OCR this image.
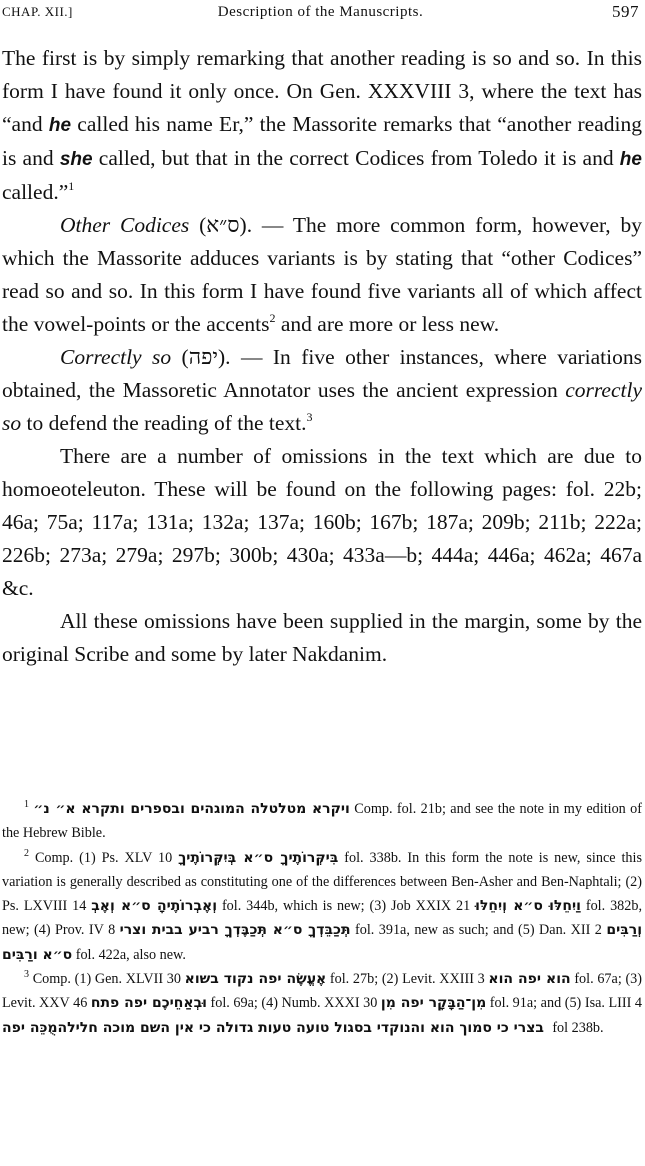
CHAP. XII.]	Description of the Manuscripts.	597

The first is by simply remarking that another reading is so and so. In this form I have found it only once. On Gen. XXXVIII 3, where the text has “and he called his name Er,” the Massorite remarks that “another reading is and she called, but that in the correct Codices from Toledo it is and he called.”$^1$

Other Codices (ס״א). — The more common form, however, by which the Massorite adduces variants is by stating that “other Codices” read so and so. In this form I have found five variants all of which affect the vowel-points or the accents$^2$ and are more or less new.

Correctly so (יפה). — In five other instances, where variations obtained, the Massoretic Annotator uses the ancient expression correctly so to defend the reading of the text.$^3$

There are a number of omissions in the text which are due to homoeoteleuton. These will be found on the following pages: fol. 22b; 46a; 75a; 117a; 131a; 132a; 137a; 160b; 167b; 187a; 209b; 211b; 222a; 226b; 273a; 279a; 297b; 300b; 430a; 433a—b; 444a; 446a; 462a; 467a &c.

All these omissions have been supplied in the margin, some by the original Scribe and some by later Nakdanim.

$^1$ ויקרא מטלטלה המוגהים ובספרים ותקרא א״ נ״ Comp. fol. 21b; and see the note in my edition of the Hebrew Bible.

$^2$ Comp. (1) Ps. XLV 10 בִּיקְּרוֹתֶיךָ ס״א בְּיִקְּרוֹתֶיךָ fol. 338b. In this form the note is new, since this variation is generally described as constituting one of the differences between Ben-Asher and Ben-Naphtali; (2) Ps. LXVIII 14 וְאֶבְרוֹתֶיהָ ס״א וְאֶבְ fol. 344b, which is new; (3) Job XXIX 21 וַיִחֵלּוּ ס״א וְיִחֵלּוּ fol. 382b, new; (4) Prov. IV 8 תְּכַבֵּדְךָ ס״א תְּכַבֶּדְךָ רביע בבית וצרי fol. 391a, new as such; and (5) Dan. XII 2 וְרַבִּים ס״א ורַבִּים fol. 422a, also new.

$^3$ Comp. (1) Gen. XLVII 30 אֶעֱשֶׂה יפה נקוד בשוא fol. 27b; (2) Levit. XXIII 3 הוא יפה הוא fol. 67a; (3) Levit. XXV 46 וּבְאַחֵיכֶם יפה פתח fol. 69a; (4) Numb. XXXI 30 מִן־הַבָּקָר יפה מִן fol. 91a; and (5) Isa. LIII 4 מֻכֵּה יפה בצרי כי סמוך הוא והנוקדי בסגול טועה טעות גדולה כי אין השם מוכה חלילה fol 238b.
